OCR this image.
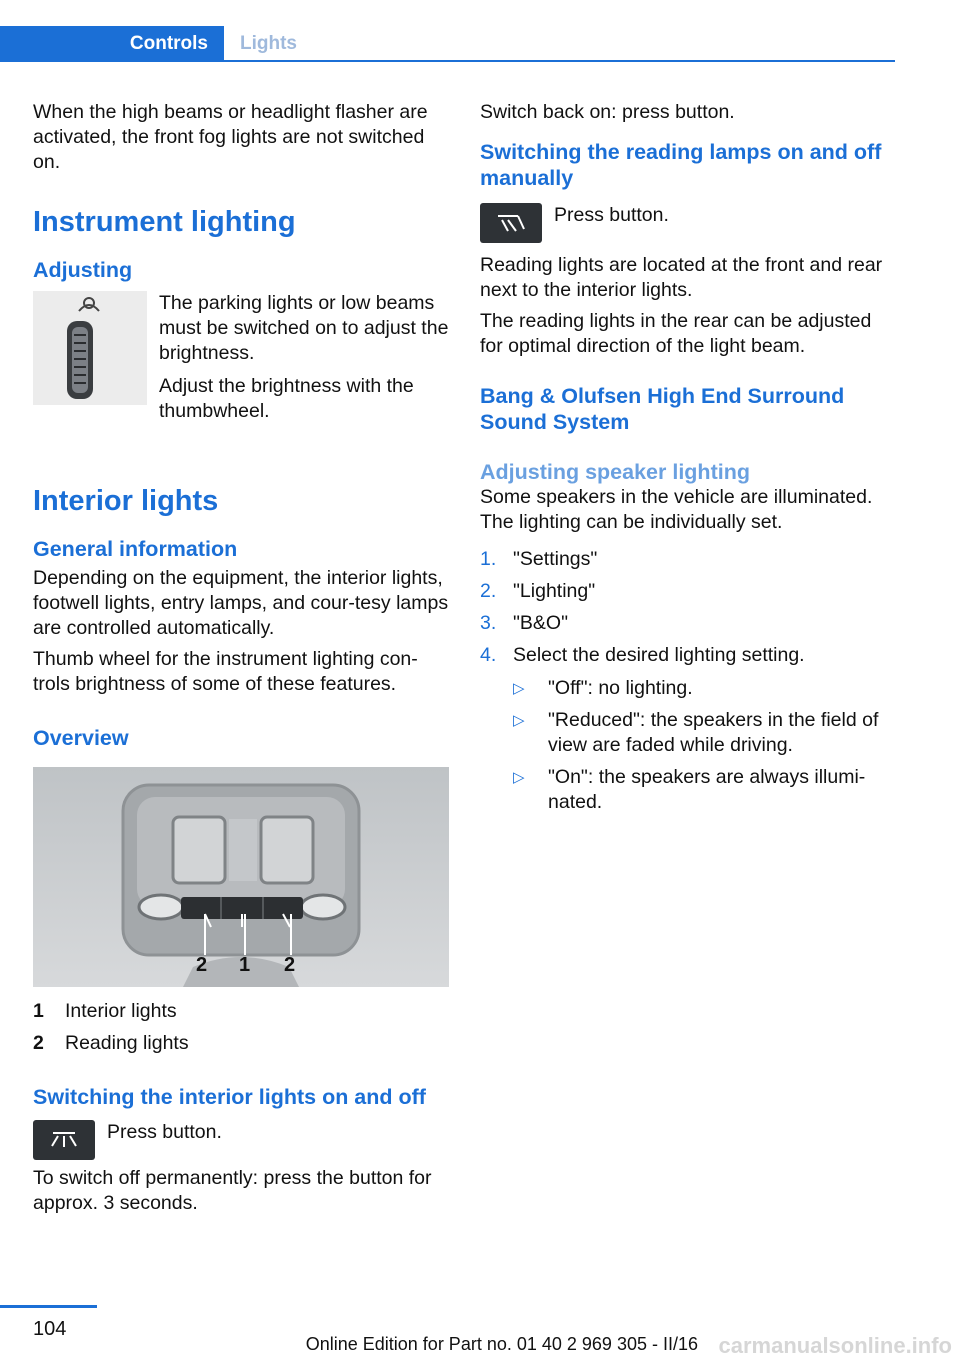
Controls Lights

When the high beams or headlight flasher are activated, the front fog lights are not switched on.

Instrument lighting
Adjusting

The parking lights or low beams must be switched on to adjust the brightness.

Adjust the brightness with the thumbwheel.

Interior lights
General information

Depending on the equipment, the interior lights, footwell lights, entry lamps, and cour‐tesy lamps are controlled automatically.

Thumb wheel for the instrument lighting con‐trols brightness of some of these features.

Overview
2 1 2
1	Interior lights
2	Reading lights
Switching the interior lights on and off

Press button.

To switch off permanently: press the button for approx. 3 seconds.

Switch back on: press button.

Switching the reading lamps on and off manually

Press button.

Reading lights are located at the front and rear next to the interior lights.

The reading lights in the rear can be adjusted for optimal direction of the light beam.

Bang & Olufsen High End Surround Sound System
Adjusting speaker lighting

Some speakers in the vehicle are illuminated. The lighting can be individually set.

1. "Settings"
2. "Lighting"
3. "B&O"
4. Select the desired lighting setting.
▷	"Off": no lighting.
▷	"Reduced": the speakers in the field of view are faded while driving.
▷	"On": the speakers are always illumi‐nated.
104
Online Edition for Part no. 01 40 2 969 305 - II/16 carmanualsonline.info
